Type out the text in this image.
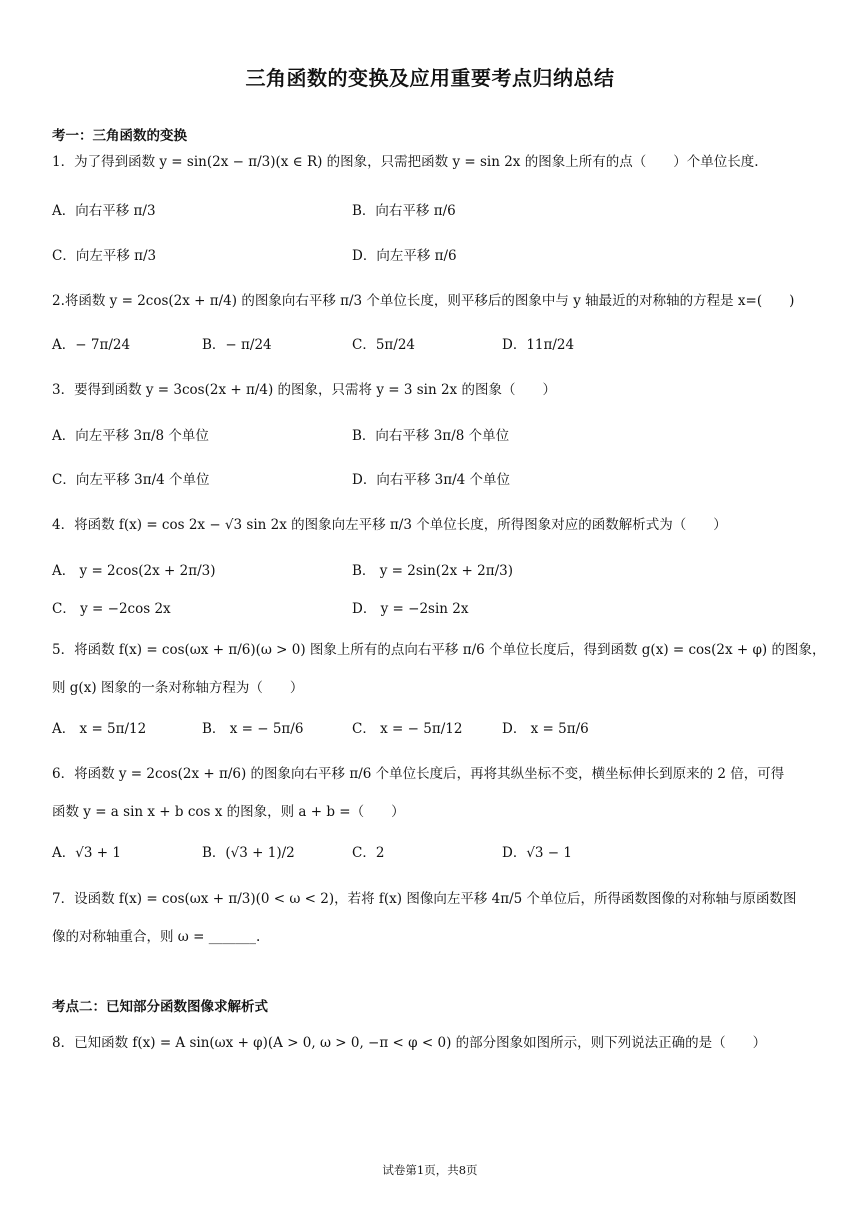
三角函数的变换及应用重要考点归纳总结
考一：三角函数的变换
1．为了得到函数 y = sin(2x − π/3)(x ∈ R) 的图象，只需把函数 y = sin 2x 的图象上所有的点（　　）个单位长度.
A．向右平移 π/3	B．向右平移 π/6
C．向左平移 π/3	D．向左平移 π/6
2.将函数 y = 2cos(2x + π/4) 的图象向右平移 π/3 个单位长度，则平移后的图象中与 y 轴最近的对称轴的方程是 x=(　　)
A．− 7π/24	B．− π/24	C．5π/24	D．11π/24
3．要得到函数 y = 3cos(2x + π/4) 的图象，只需将 y = 3 sin 2x 的图象（　　）
A．向左平移 3π/8 个单位	B．向右平移 3π/8 个单位
C．向左平移 3π/4 个单位	D．向右平移 3π/4 个单位
4．将函数 f(x) = cos 2x − √3 sin 2x 的图象向左平移 π/3 个单位长度，所得图象对应的函数解析式为（　　）
A． y = 2cos(2x + 2π/3)	B． y = 2sin(2x + 2π/3)
C． y = −2cos 2x	D． y = −2sin 2x
5．将函数 f(x) = cos(ωx + π/6)(ω > 0) 图象上所有的点向右平移 π/6 个单位长度后，得到函数 g(x) = cos(2x + φ) 的图象，
则 g(x) 图象的一条对称轴方程为（　　）
A． x = 5π/12	B． x = − 5π/6	C． x = − 5π/12	D． x = 5π/6
6．将函数 y = 2cos(2x + π/6) 的图象向右平移 π/6 个单位长度后，再将其纵坐标不变，横坐标伸长到原来的 2 倍，可得
函数 y = a sin x + b cos x 的图象，则 a + b =（　　）
A．√3 + 1	B．(√3 + 1)/2	C．2	D．√3 − 1
7．设函数 f(x) = cos(ωx + π/3)(0 < ω < 2)，若将 f(x) 图像向左平移 4π/5 个单位后，所得函数图像的对称轴与原函数图
像的对称轴重合，则 ω = _______.
考点二：已知部分函数图像求解析式
8．已知函数 f(x) = A sin(ωx + φ)(A > 0, ω > 0, −π < φ < 0) 的部分图象如图所示，则下列说法正确的是（　　）
试卷第1页，共8页
